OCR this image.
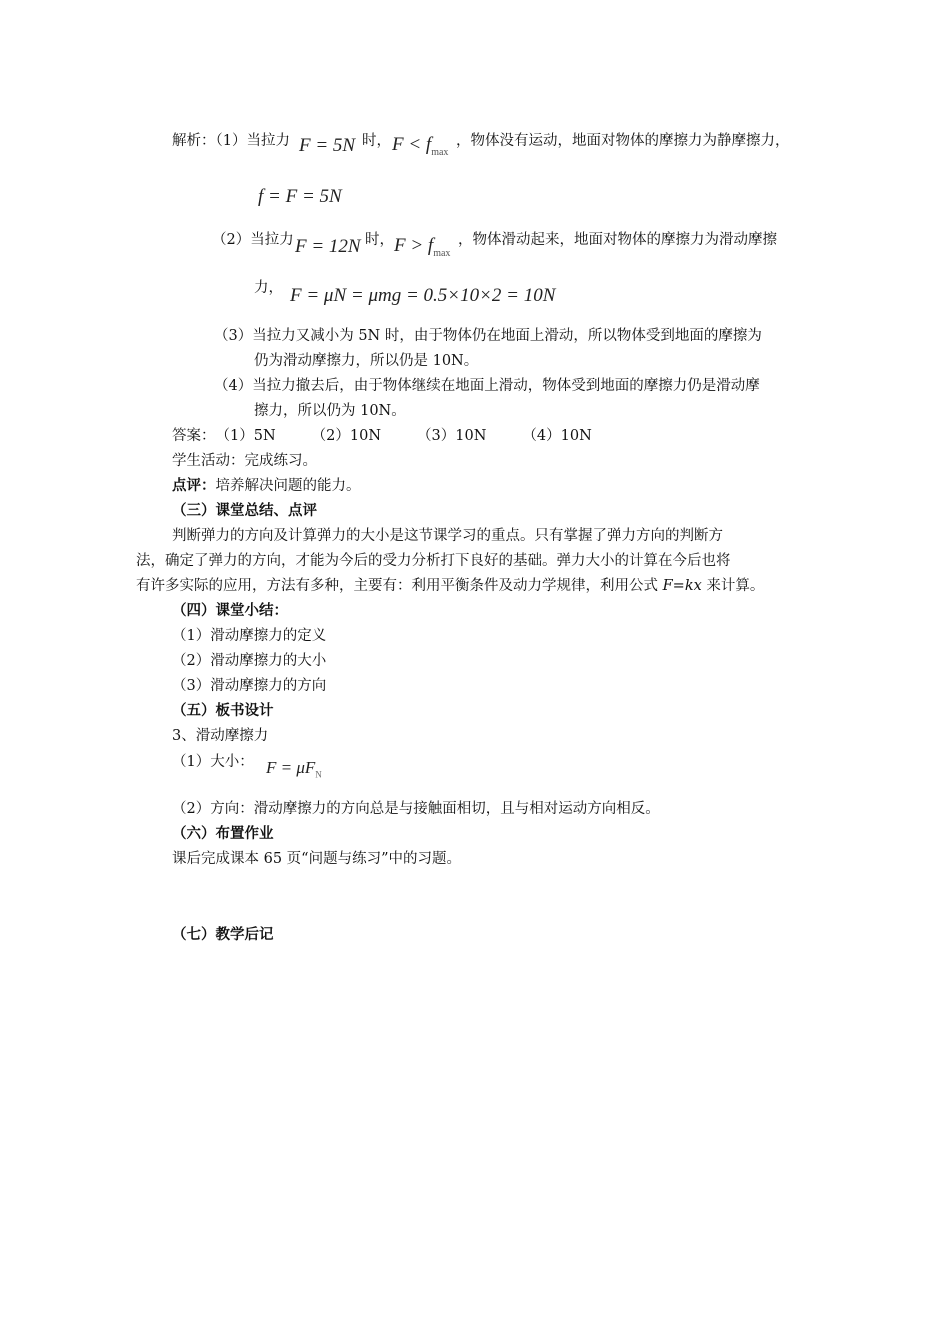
解析：（1）当拉力 F = 5N 时， $F < f_{max}$
，物体没有运动，地面对物体的摩擦力为静摩擦力，
f = F = 5N
（2）当拉力 F = 12N 时， $F > f_{max}$
，物体滑动起来，地面对物体的摩擦力为滑动摩擦
力， F = μN = μmg = 0.5×10×2 = 10N
（3）当拉力又减小为 5N 时，由于物体仍在地面上滑动，所以物体受到地面的摩擦为
仍为滑动摩擦力，所以仍是 10N。
（4）当拉力撤去后，由于物体继续在地面上滑动，物体受到地面的摩擦力仍是滑动摩
擦力，所以仍为 10N。
答案：（1）5N （2）10N （3）10N （4）10N
学生活动：完成练习。
点评：培养解决问题的能力。
（三）课堂总结、点评
判断弹力的方向及计算弹力的大小是这节课学习的重点。只有掌握了弹力方向的判断方
法，确定了弹力的方向，才能为今后的受力分析打下良好的基础。弹力大小的计算在今后也将
有许多实际的应用，方法有多种，主要有：利用平衡条件及动力学规律，利用公式 F=kx 来计算。
（四）课堂小结：
（1）滑动摩擦力的定义
（2）滑动摩擦力的大小
（3）滑动摩擦力的方向
（五）板书设计
3、滑动摩擦力
（1）大小： $F = \mu F_N$
（2）方向：滑动摩擦力的方向总是与接触面相切，且与相对运动方向相反。
（六）布置作业
课后完成课本 65 页“问题与练习”中的习题。
（七）教学后记
